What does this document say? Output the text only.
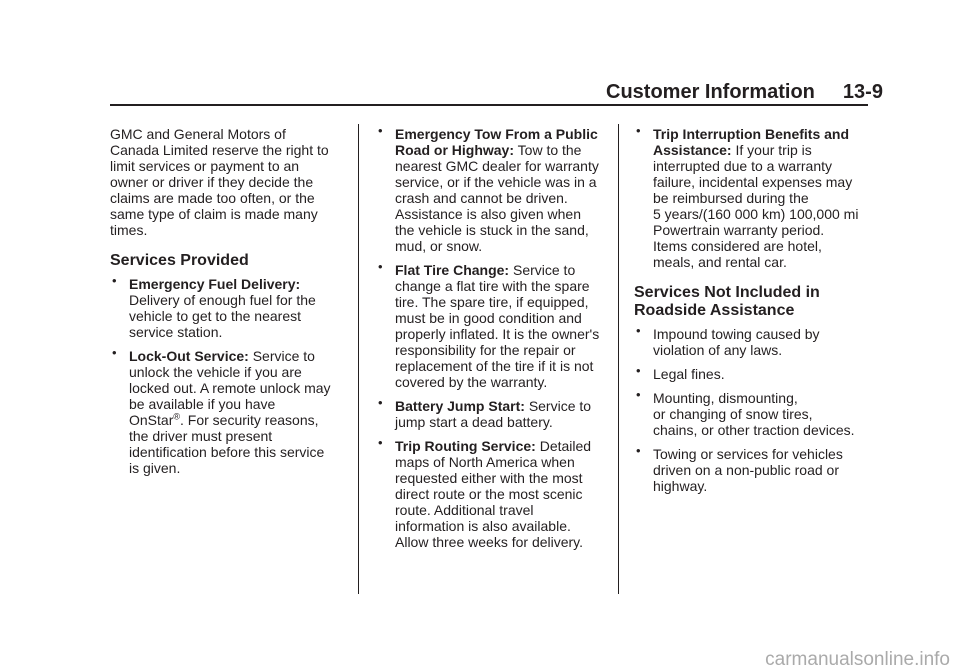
Customer Information 13-9

GMC and General Motors of
Canada Limited reserve the right to
limit services or payment to an
owner or driver if they decide the
claims are made too often, or the
same type of claim is made many
times.

Services Provided
• Emergency Fuel Delivery:
Delivery of enough fuel for the
vehicle to get to the nearest
service station.
• Lock-Out Service: Service to
unlock the vehicle if you are
locked out. A remote unlock may
be available if you have
OnStar®. For security reasons,
the driver must present
identification before this service
is given.
• Emergency Tow From a Public
Road or Highway: Tow to the
nearest GMC dealer for warranty
service, or if the vehicle was in a
crash and cannot be driven.
Assistance is also given when
the vehicle is stuck in the sand,
mud, or snow.
• Flat Tire Change: Service to
change a flat tire with the spare
tire. The spare tire, if equipped,
must be in good condition and
properly inflated. It is the owner's
responsibility for the repair or
replacement of the tire if it is not
covered by the warranty.
• Battery Jump Start: Service to
jump start a dead battery.
• Trip Routing Service: Detailed
maps of North America when
requested either with the most
direct route or the most scenic
route. Additional travel
information is also available.
Allow three weeks for delivery.
• Trip Interruption Benefits and
Assistance: If your trip is
interrupted due to a warranty
failure, incidental expenses may
be reimbursed during the
5 years/(160 000 km) 100,000 mi
Powertrain warranty period.
Items considered are hotel,
meals, and rental car.
Services Not Included in
Roadside Assistance
• Impound towing caused by
violation of any laws.
• Legal fines.
• Mounting, dismounting,
or changing of snow tires,
chains, or other traction devices.
• Towing or services for vehicles
driven on a non-public road or
highway.
carmanualsonline.info
